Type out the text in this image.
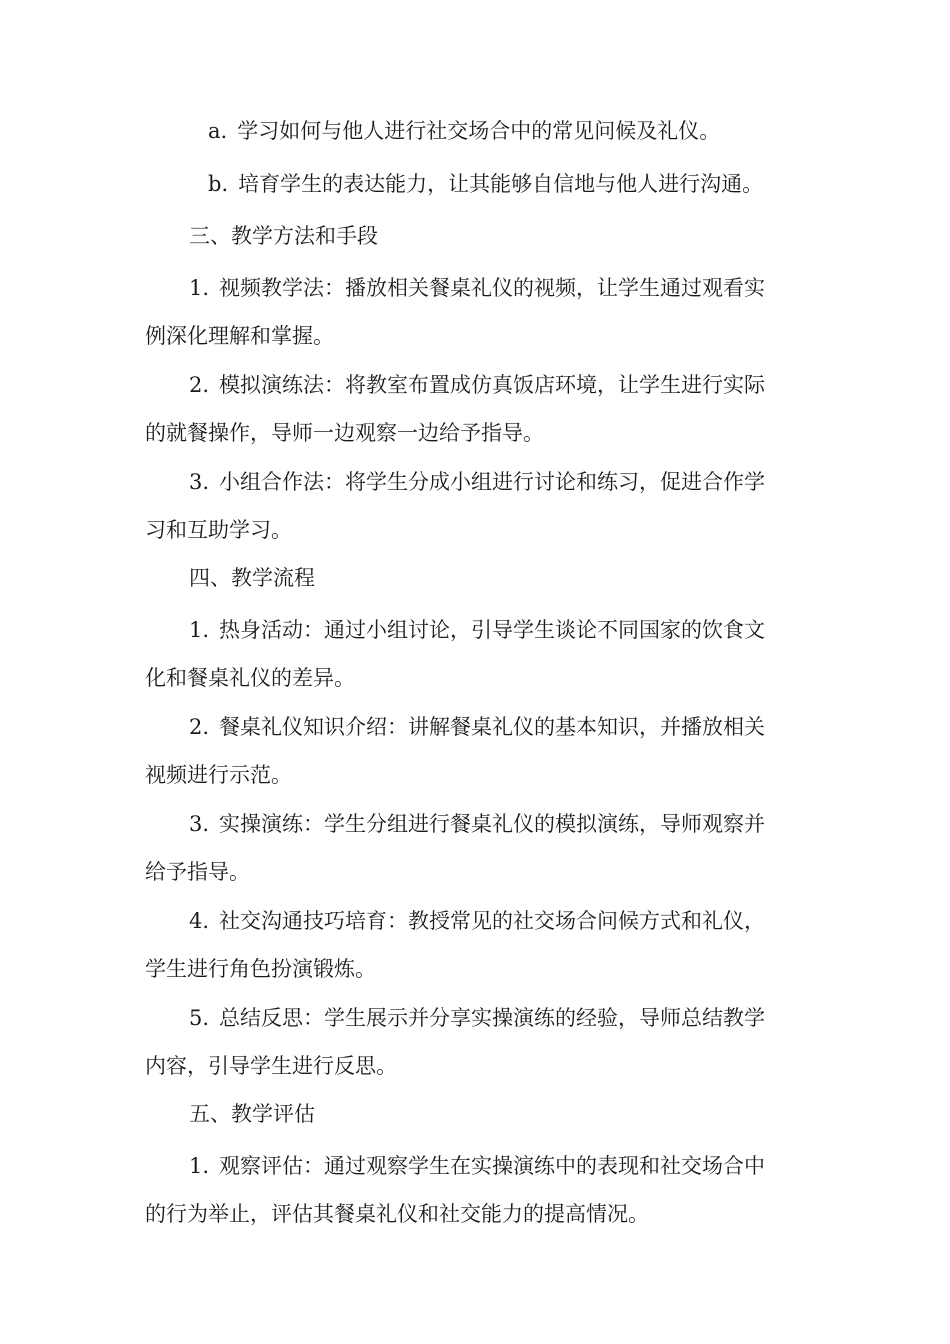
a. 学习如何与他人进行社交场合中的常见问候及礼仪。
b. 培育学生的表达能力，让其能够自信地与他人进行沟通。
三、教学方法和手段
1. 视频教学法：播放相关餐桌礼仪的视频，让学生通过观看实
例深化理解和掌握。
2. 模拟演练法：将教室布置成仿真饭店环境，让学生进行实际
的就餐操作，导师一边观察一边给予指导。
3. 小组合作法：将学生分成小组进行讨论和练习，促进合作学
习和互助学习。
四、教学流程
1. 热身活动：通过小组讨论，引导学生谈论不同国家的饮食文
化和餐桌礼仪的差异。
2. 餐桌礼仪知识介绍：讲解餐桌礼仪的基本知识，并播放相关
视频进行示范。
3. 实操演练：学生分组进行餐桌礼仪的模拟演练，导师观察并
给予指导。
4. 社交沟通技巧培育：教授常见的社交场合问候方式和礼仪，
学生进行角色扮演锻炼。
5. 总结反思：学生展示并分享实操演练的经验，导师总结教学
内容，引导学生进行反思。
五、教学评估
1. 观察评估：通过观察学生在实操演练中的表现和社交场合中
的行为举止，评估其餐桌礼仪和社交能力的提高情况。
